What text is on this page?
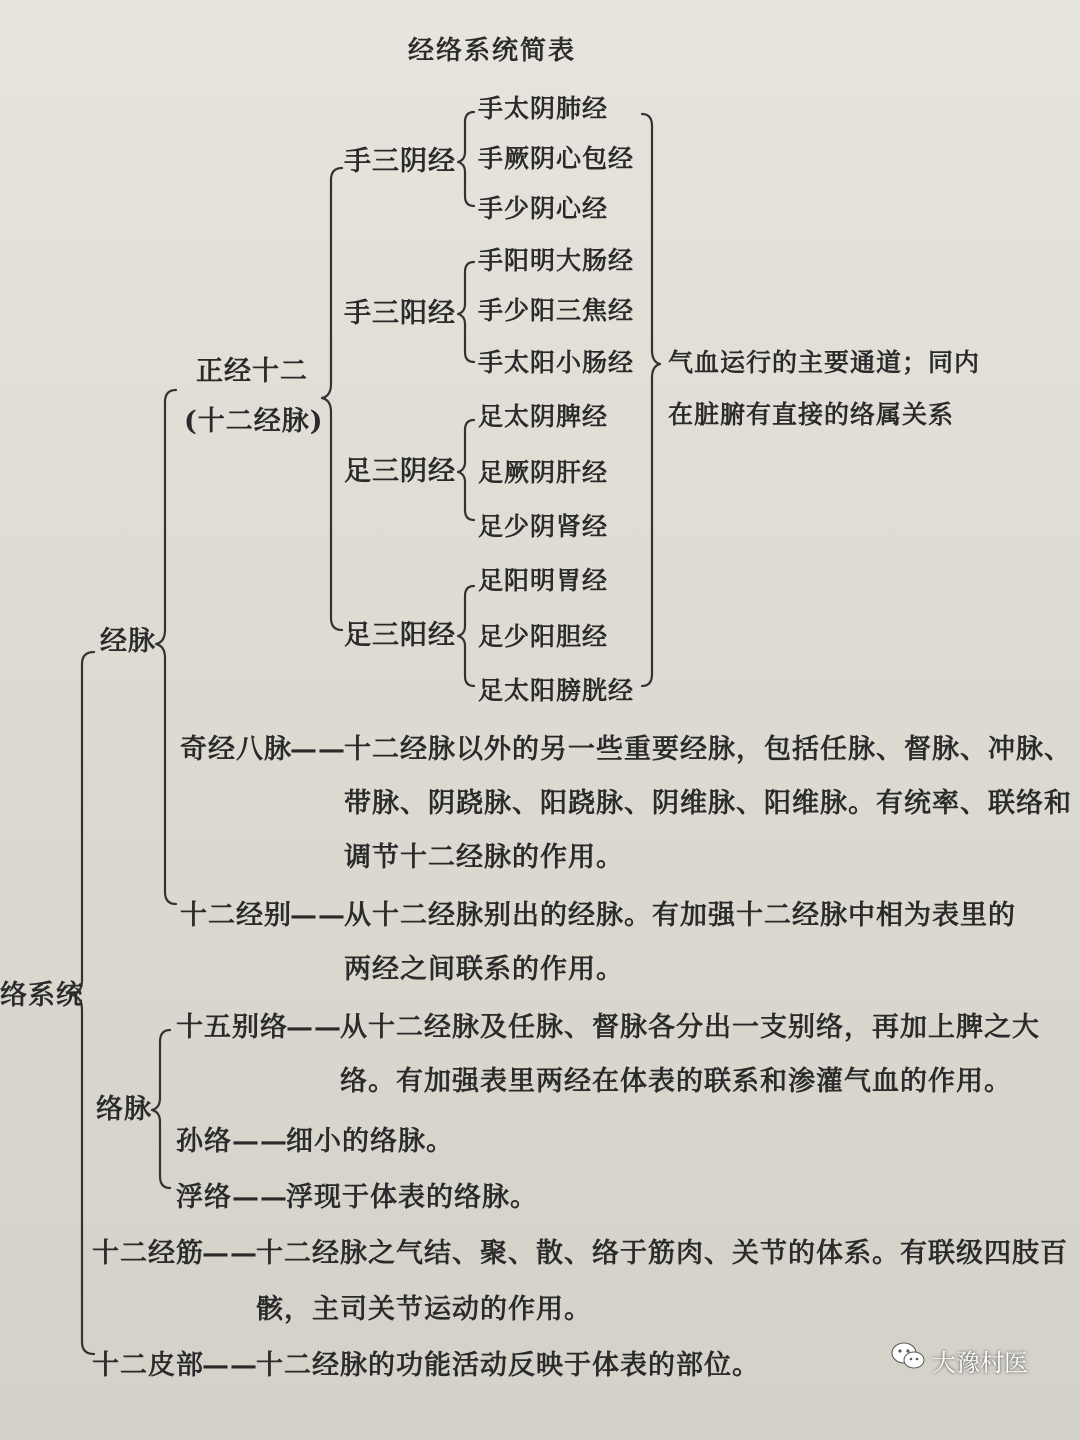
经络系统简表
络系统
经脉
正经十二
(十二经脉)
手三阴经
手三阳经
足三阴经
足三阳经
手太阴肺经
手厥阴心包经
手少阴心经
手阳明大肠经
手少阳三焦经
手太阳小肠经
足太阴脾经
足厥阴肝经
足少阴肾经
足阳明胃经
足少阳胆经
足太阳膀胱经
气血运行的主要通道；同内
在脏腑有直接的络属关系
奇经八脉
——
十二经脉以外的另一些重要经脉，包括任脉、督脉、冲脉、
带脉、阴跷脉、阳跷脉、阴维脉、阳维脉。有统率、联络和
调节十二经脉的作用。
十二经别
——
从十二经脉别出的经脉。有加强十二经脉中相为表里的
两经之间联系的作用。
络脉
十五别络
——
从十二经脉及任脉、督脉各分出一支别络，再加上脾之大
络。有加强表里两经在体表的联系和渗灌气血的作用。
孙络 ——
细小的络脉。
浮络 ——
浮现于体表的络脉。
十二经筋
——
十二经脉之气结、聚、散、络于筋肉、关节的体系。有联级四肢百
骸，主司关节运动的作用。
十二皮部
——
十二经脉的功能活动反映于体表的部位。	大豫村医
